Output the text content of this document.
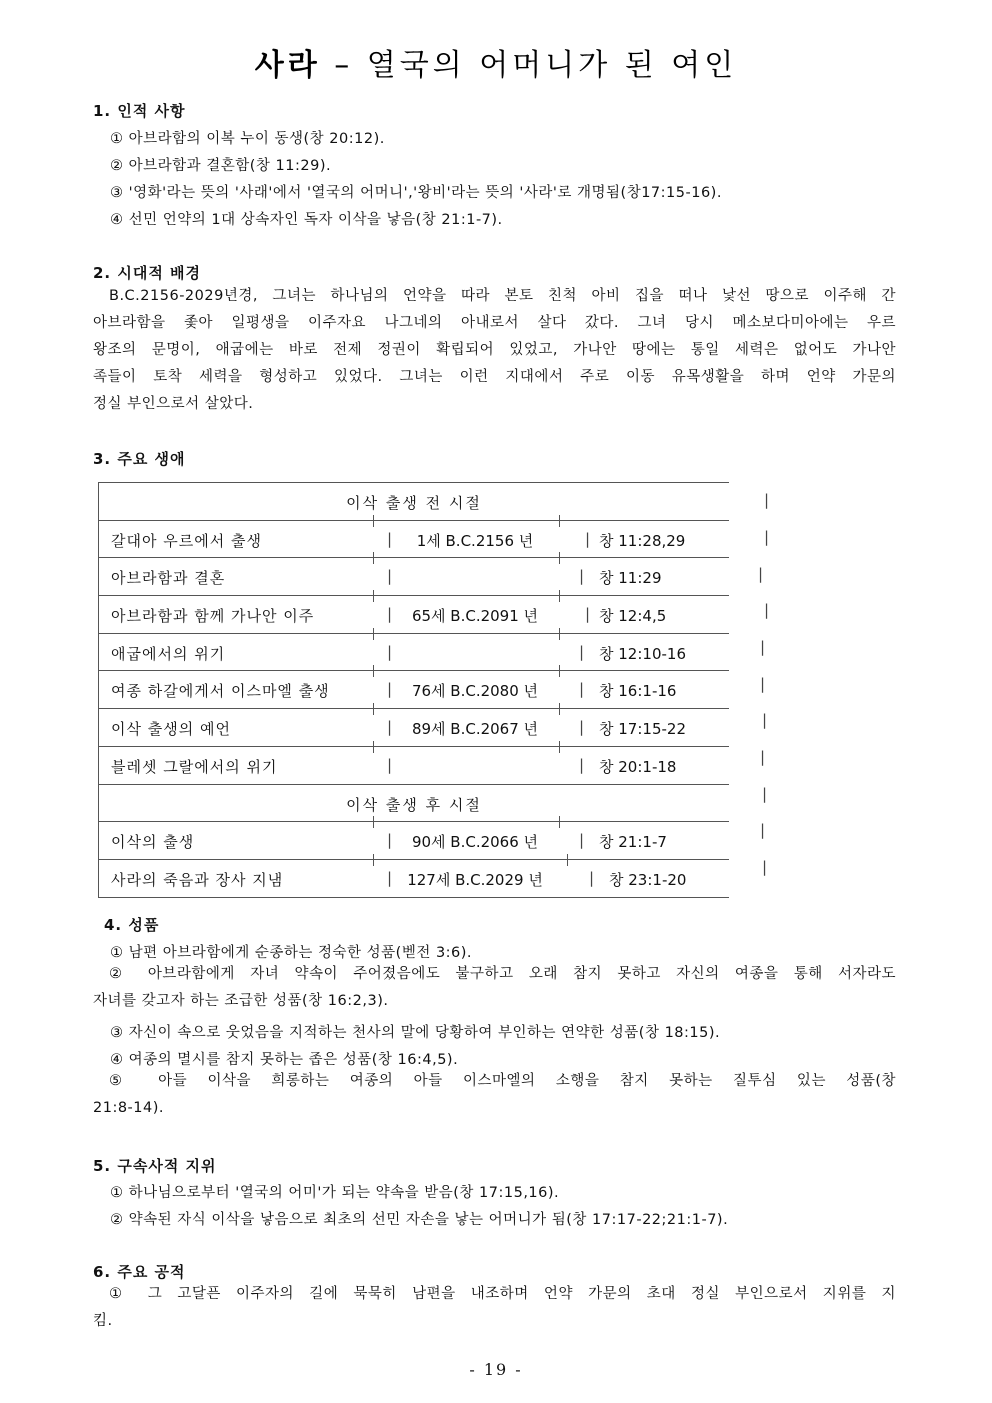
사라 – 열국의 어머니가 된 여인
1. 인적 사항
① 아브라함의 이복 누이 동생(창 20:12).
② 아브라함과 결혼함(창 11:29).
③ '영화'라는 뜻의 '사래'에서 '열국의 어머니','왕비'라는 뜻의 '사라'로 개명됨(창17:15-16).
④ 선민 언약의 1대 상속자인 독자 이삭을 낳음(창 21:1-7).
2. 시대적 배경
B.C.2156-2029년경, 그녀는 하나님의 언약을 따라 본토 친척 아비 집을 떠나 낯선 땅으로 이주해 간
아브라함을 좇아 일평생을 이주자요 나그네의 아내로서 살다 갔다. 그녀 당시 메소보다미아에는 우르
왕조의 문명이, 애굽에는 바로 전제 정권이 확립되어 있었고, 가나안 땅에는 통일 세력은 없어도 가나안
족들이 토착 세력을 형성하고 있었다. 그녀는 이런 지대에서 주로 이동 유목생활을 하며 언약 가문의
정실 부인으로서 살았다.
3. 주요 생애
이삭 출생 전 시절
갈대아 우르에서 출생	|	1세 B.C.2156 년	| 창 11:28,29
아브라함과 결혼	|	| 창 11:29
아브라함과 함께 가나안 이주	|	65세 B.C.2091 년	| 창 12:4,5
애굽에서의 위기	|	| 창 12:10-16
여종 하갈에게서 이스마엘 출생	|	76세 B.C.2080 년	| 창 16:1-16
이삭 출생의 예언	|	89세 B.C.2067 년	| 창 17:15-22
블레셋 그랄에서의 위기	|	| 창 20:1-18
이삭 출생 후 시절
이삭의 출생	|	90세 B.C.2066 년	| 창 21:1-7
사라의 죽음과 장사 지냄	|	127세 B.C.2029 년	| 창 23:1-20
|
|
|
|
|
|
|
|
|
|
|
4. 성품
① 남편 아브라함에게 순종하는 정숙한 성품(벧전 3:6).
② 아브라함에게 자녀 약속이 주어졌음에도 불구하고 오래 참지 못하고 자신의 여종을 통해 서자라도
자녀를 갖고자 하는 조급한 성품(창 16:2,3).
③ 자신이 속으로 웃었음을 지적하는 천사의 말에 당황하여 부인하는 연약한 성품(창 18:15).
④ 여종의 멸시를 참지 못하는 좁은 성품(창 16:4,5).
⑤ 아들 이삭을 희롱하는 여종의 아들 이스마엘의 소행을 참지 못하는 질투심 있는 성품(창
21:8-14).
5. 구속사적 지위
① 하나님으로부터 '열국의 어미'가 되는 약속을 받음(창 17:15,16).
② 약속된 자식 이삭을 낳음으로 최초의 선민 자손을 낳는 어머니가 됨(창 17:17-22;21:1-7).
6. 주요 공적
① 그 고달픈 이주자의 길에 묵묵히 남편을 내조하며 언약 가문의 초대 정실 부인으로서 지위를 지
킴.
- 19 -
